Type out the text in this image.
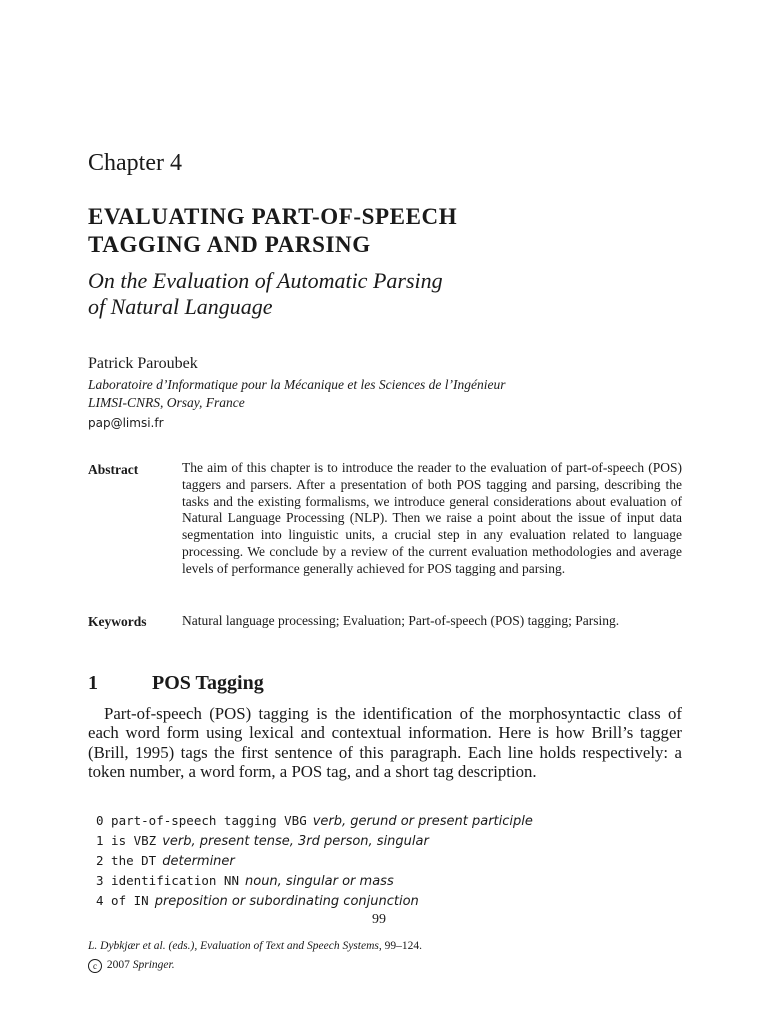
Chapter 4
EVALUATING PART-OF-SPEECH
TAGGING AND PARSING
On the Evaluation of Automatic Parsing
of Natural Language
Patrick Paroubek
Laboratoire d’Informatique pour la Mécanique et les Sciences de l’Ingénieur
LIMSI-CNRS, Orsay, France
pap@limsi.fr
Abstract	The aim of this chapter is to introduce the reader to the evaluation of part-of-speech (POS) taggers and parsers. After a presentation of both POS tagging and parsing, describing the tasks and the existing formalisms, we introduce general considerations about evaluation of Natural Language Processing (NLP). Then we raise a point about the issue of input data segmentation into linguistic units, a crucial step in any evaluation related to language processing. We conclude by a review of the current evaluation methodologies and average levels of performance generally achieved for POS tagging and parsing.
Keywords	Natural language processing; Evaluation; Part-of-speech (POS) tagging; Parsing.
1	POS Tagging
Part-of-speech (POS) tagging is the identification of the morphosyntactic class of each word form using lexical and contextual information. Here is how Brill’s tagger (Brill, 1995) tags the first sentence of this paragraph. Each line holds respectively: a token number, a word form, a POS tag, and a short tag description.
0 part-of-speech tagging VBG verb, gerund or present participle
1 is VBZ verb, present tense, 3rd person, singular
2 the DT determiner
3 identification NN noun, singular or mass
4 of IN preposition or subordinating conjunction
99
L. Dybkjær et al. (eds.), Evaluation of Text and Speech Systems, 99–124.
c 2007 Springer.
